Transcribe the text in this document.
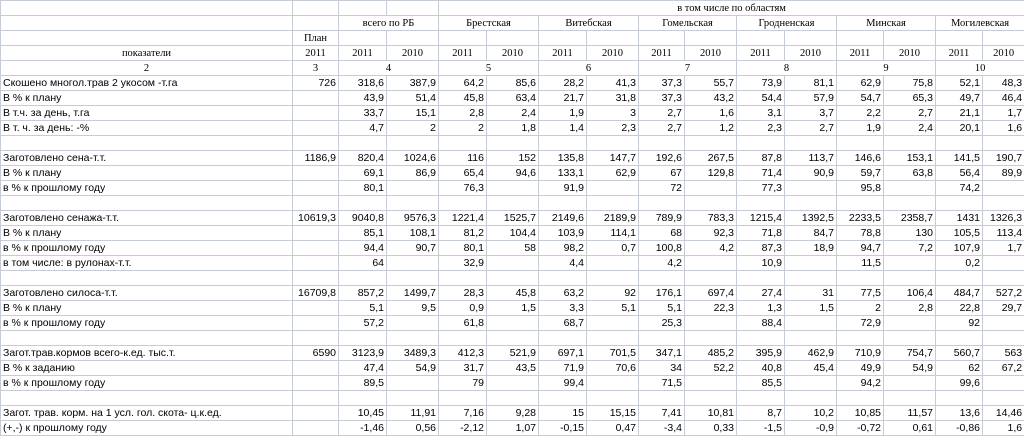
				в том числе по областям											
		всего по РБ		Брестская		Витебская		Гомельская		Гродненская		Минская		Могилевская	
	План														
показатели	2011	2011	2010	2011	2010	2011	2010	2011	2010	2011	2010	2011	2010	2011	2010
2	3	4		5		6		7		8		9		10	
Скошено многол.трав 2 укосом -т.га	726	318,6	387,9	64,2	85,6	28,2	41,3	37,3	55,7	73,9	81,1	62,9	75,8	52,1	48,3
В % к плану		43,9	51,4	45,8	63,4	21,7	31,8	37,3	43,2	54,4	57,9	54,7	65,3	49,7	46,4
В т.ч. за день, т.га		33,7	15,1	2,8	2,4	1,9	3	2,7	1,6	3,1	3,7	2,2	2,7	21,1	1,7
В т. ч. за день: -%		4,7	2	2	1,8	1,4	2,3	2,7	1,2	2,3	2,7	1,9	2,4	20,1	1,6

Заготовлено сена-т.т.	1186,9	820,4	1024,6	116	152	135,8	147,7	192,6	267,5	87,8	113,7	146,6	153,1	141,5	190,7
В % к плану		69,1	86,9	65,4	94,6	133,1	62,9	67	129,8	71,4	90,9	59,7	63,8	56,4	89,9
в % к прошлому году		80,1		76,3		91,9		72		77,3		95,8		74,2	

Заготовлено сенажа-т.т.	10619,3	9040,8	9576,3	1221,4	1525,7	2149,6	2189,9	789,9	783,3	1215,4	1392,5	2233,5	2358,7	1431	1326,3
В % к плану		85,1	108,1	81,2	104,4	103,9	114,1	68	92,3	71,8	84,7	78,8	130	105,5	113,4
в % к прошлому году		94,4	90,7	80,1	58	98,2	0,7	100,8	4,2	87,3	18,9	94,7	7,2	107,9	1,7
в том числе: в рулонах-т.т.		64		32,9		4,4		4,2		10,9		11,5		0,2	

Заготовлено силоса-т.т.	16709,8	857,2	1499,7	28,3	45,8	63,2	92	176,1	697,4	27,4	31	77,5	106,4	484,7	527,2
В % к плану		5,1	9,5	0,9	1,5	3,3	5,1	5,1	22,3	1,3	1,5	2	2,8	22,8	29,7
в % к прошлому году		57,2		61,8		68,7		25,3		88,4		72,9		92	

Загот.трав.кормов всего-к.ед. тыс.т.	6590	3123,9	3489,3	412,3	521,9	697,1	701,5	347,1	485,2	395,9	462,9	710,9	754,7	560,7	563
В % к заданию		47,4	54,9	31,7	43,5	71,9	70,6	34	52,2	40,8	45,4	49,9	54,9	62	67,2
в % к прошлому году		89,5		79		99,4		71,5		85,5		94,2		99,6	

Загот. трав. корм. на 1 усл. гол. скота- ц.к.ед.		10,45	11,91	7,16	9,28	15	15,15	7,41	10,81	8,7	10,2	10,85	11,57	13,6	14,46
(+,-) к прошлому году		-1,46	0,56	-2,12	1,07	-0,15	0,47	-3,4	0,33	-1,5	-0,9	-0,72	0,61	-0,86	1,6
